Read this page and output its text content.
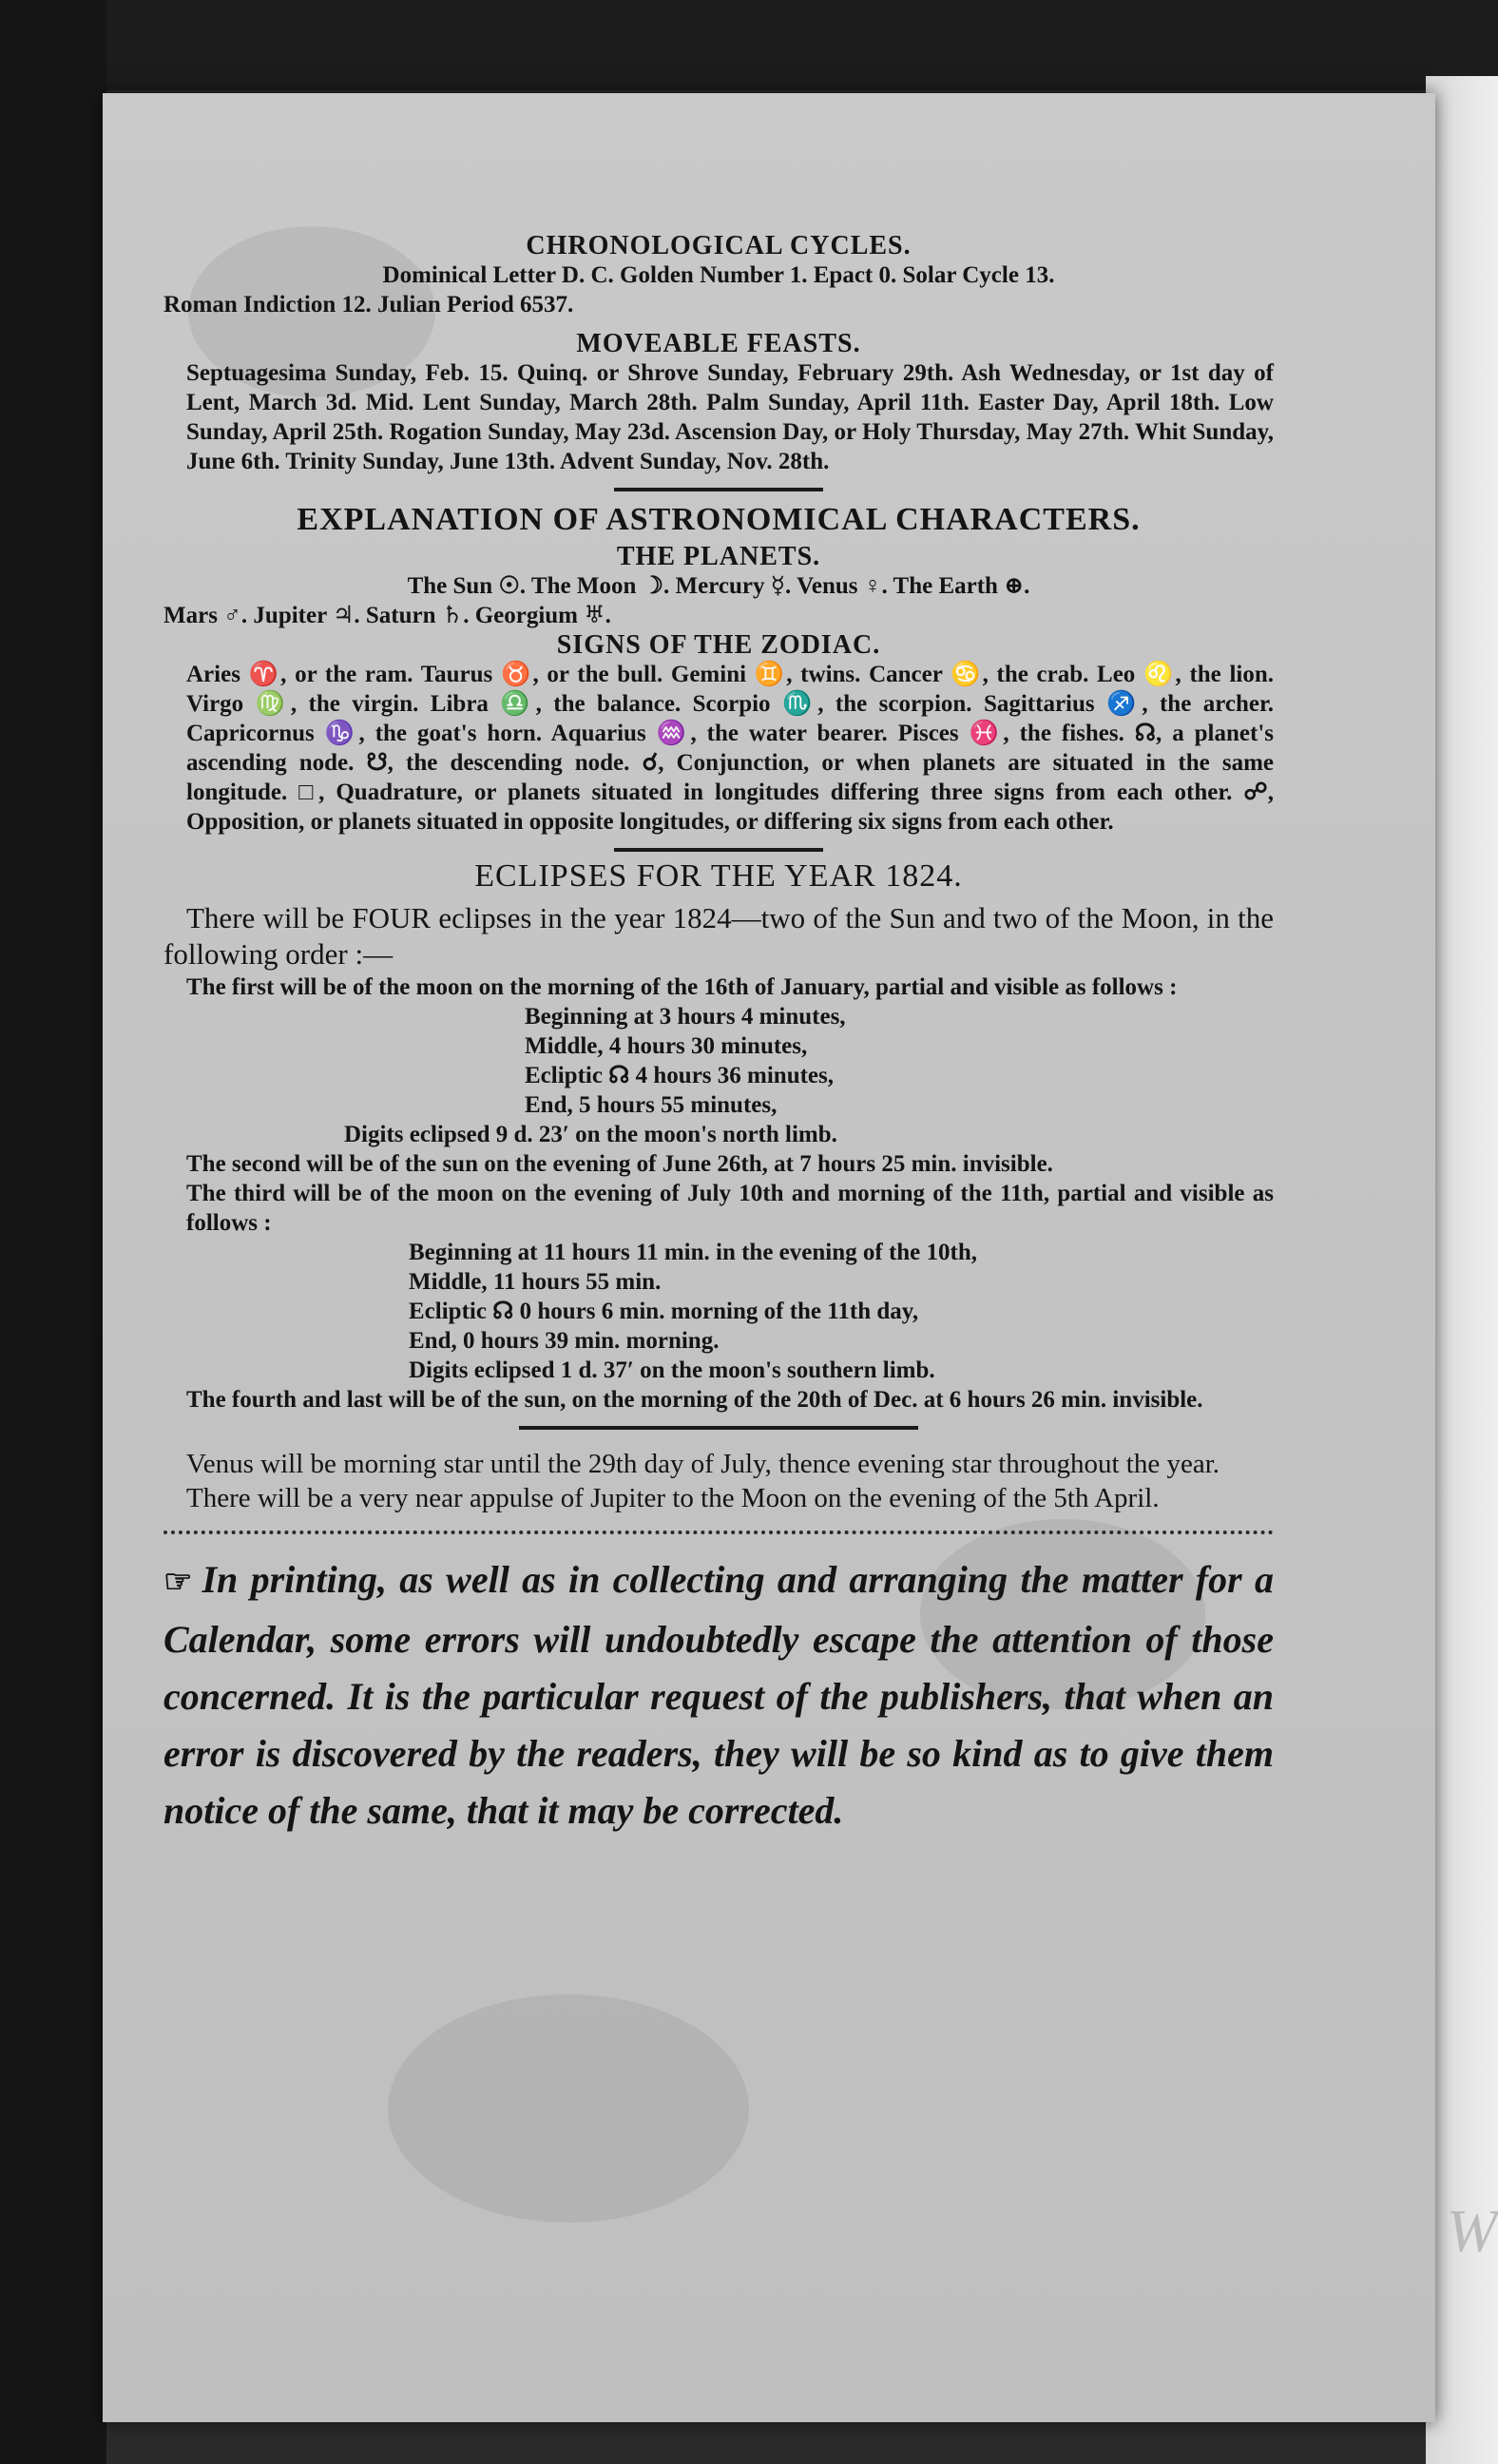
W
CHRONOLOGICAL CYCLES.
Dominical Letter D. C. Golden Number 1. Epact 0. Solar Cycle 13.
Roman Indiction 12. Julian Period 6537.
MOVEABLE FEASTS.
Septuagesima Sunday, Feb. 15. Quinq. or Shrove Sunday, February 29th. Ash Wednesday, or 1st day of Lent, March 3d. Mid. Lent Sunday, March 28th. Palm Sunday, April 11th. Easter Day, April 18th. Low Sunday, April 25th. Rogation Sunday, May 23d. Ascension Day, or Holy Thursday, May 27th. Whit Sunday, June 6th. Trinity Sunday, June 13th. Advent Sunday, Nov. 28th.
EXPLANATION OF ASTRONOMICAL CHARACTERS.
THE PLANETS.
The Sun ☉. The Moon ☽. Mercury ☿. Venus ♀. The Earth ⊕.
Mars ♂. Jupiter ♃. Saturn ♄. Georgium ♅.
SIGNS OF THE ZODIAC.
Aries ♈, or the ram. Taurus ♉, or the bull. Gemini ♊, twins. Cancer ♋, the crab. Leo ♌, the lion. Virgo ♍, the virgin. Libra ♎, the balance. Scorpio ♏, the scorpion. Sagittarius ♐, the archer. Capricornus ♑, the goat's horn. Aquarius ♒, the water bearer. Pisces ♓, the fishes. ☊, a planet's ascending node. ☋, the descending node. ☌, Conjunction, or when planets are situated in the same longitude. □, Quadrature, or planets situated in longitudes differing three signs from each other. ☍, Opposition, or planets situated in opposite longitudes, or differing six signs from each other.
ECLIPSES FOR THE YEAR 1824.
There will be FOUR eclipses in the year 1824—two of the Sun and two of the Moon, in the following order :—
The first will be of the moon on the morning of the 16th of January, partial and visible as follows :
Beginning at 3 hours 4 minutes,
Middle, 4 hours 30 minutes,
Ecliptic ☊ 4 hours 36 minutes,
End, 5 hours 55 minutes,
Digits eclipsed 9 d. 23′ on the moon's north limb.
The second will be of the sun on the evening of June 26th, at 7 hours 25 min. invisible.
The third will be of the moon on the evening of July 10th and morning of the 11th, partial and visible as follows :
Beginning at 11 hours 11 min. in the evening of the 10th,
Middle, 11 hours 55 min.
Ecliptic ☊ 0 hours 6 min. morning of the 11th day,
End, 0 hours 39 min. morning.
Digits eclipsed 1 d. 37′ on the moon's southern limb.
The fourth and last will be of the sun, on the morning of the 20th of Dec. at 6 hours 26 min. invisible.
Venus will be morning star until the 29th day of July, thence evening star throughout the year.
There will be a very near appulse of Jupiter to the Moon on the evening of the 5th April.
☞ In printing, as well as in collecting and arranging the matter for a Calendar, some errors will undoubtedly escape the attention of those concerned. It is the particular request of the publishers, that when an error is discovered by the readers, they will be so kind as to give them notice of the same, that it may be corrected.
